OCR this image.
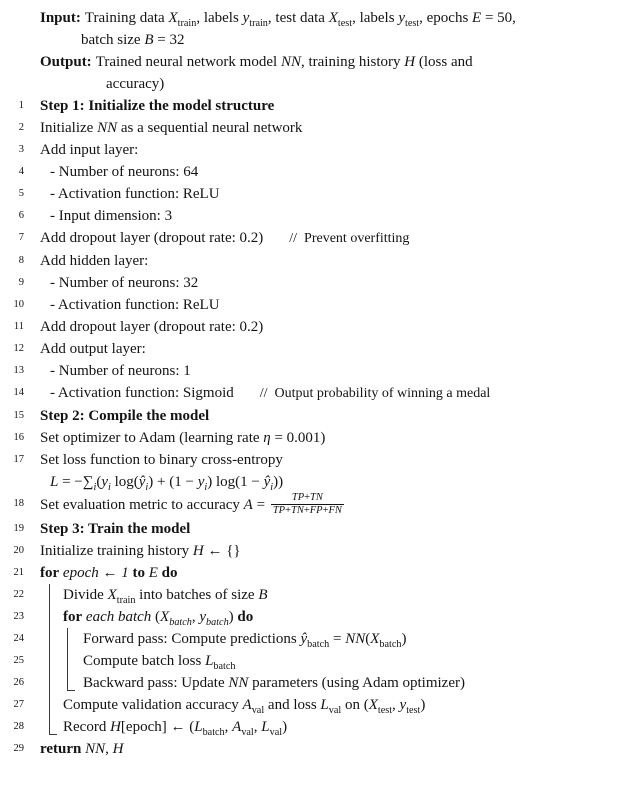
Input: Training data $X_{train}$, labels $y_{train}$, test data $X_{test}$, labels $y_{test}$, epochs E = 50,
batch size B = 32
Output: Trained neural network model NN, training history H (loss and
accuracy)
1 Step 1: Initialize the model structure
2 Initialize NN as a sequential neural network
3 Add input layer:
4	- Number of neurons: 64
5	- Activation function: ReLU
6	- Input dimension: 3
7 Add dropout layer (dropout rate: 0.2) //  Prevent overfitting
8 Add hidden layer:
9	- Number of neurons: 32
10	- Activation function: ReLU
11 Add dropout layer (dropout rate: 0.2)
12 Add output layer:
13	- Number of neurons: 1
14	- Activation function: Sigmoid //  Output probability of winning a medal
15 Step 2: Compile the model
16 Set optimizer to Adam (learning rate η = 0.001)
17 Set loss function to binary cross-entropy
$L = -\sum_i(y_i$ $\log(ŷ_i) + (1 - y_i) \log(1$ − $ŷ_i$))
18 Set evaluation metric to accuracy $A = \frac{TP+TN}{TP+TN+FP+FN}$
19 Step 3: Train the model
20 Initialize training history H ← {}
21 for epoch ← 1 to E do
22	Divide $X_{train}$ into batches of size B
23	for each batch ($X_{batch}$, $y_{batch}$) do
24	Forward pass: Compute predictions $ŷ_{batch} = NN(X_{batch})$
25	Compute batch loss $L_{batch}$
26	Backward pass: Update NN parameters (using Adam optimizer)
27	Compute validation accuracy $A_{val}$ and loss $L_{val}$ on ($X_{test}$, $y_{test}$)
28	Record H[epoch] ← ($L_{batch}$, $A_{val}$, $L_{val}$)
29 return NN, H
